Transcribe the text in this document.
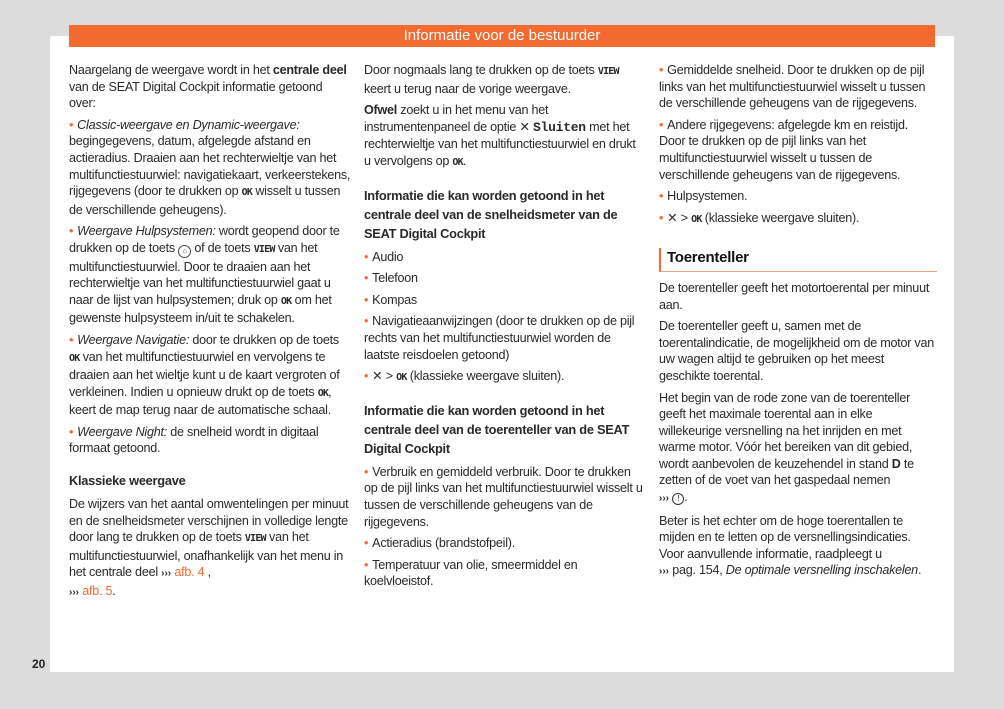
Informatie voor de bestuurder
20

Naargelang de weergave wordt in het centrale deel van de SEAT Digital Cockpit informatie getoond over:

• Classic-weergave en Dynamic-weergave: begingegevens, datum, afgelegde afstand en actieradius. Draaien aan het rechterwieltje van het multifunctiestuurwiel: navigatiekaart, verkeerstekens, rijgegevens (door te drukken op OK wisselt u tussen de verschillende geheugens).

• Weergave Hulpsystemen: wordt geopend door te drukken op de toets ⌂ of de toets VIEW van het multifunctiestuurwiel. Door te draaien aan het rechterwieltje van het multifunctiestuurwiel gaat u naar de lijst van hulpsystemen; druk op OK om het gewenste hulpsysteem in/uit te schakelen.

• Weergave Navigatie: door te drukken op de toets OK van het multifunctiestuurwiel en vervolgens te draaien aan het wieltje kunt u de kaart vergroten of verkleinen. Indien u opnieuw drukt op de toets OK, keert de map terug naar de automatische schaal.

• Weergave Night: de snelheid wordt in digitaal formaat getoond.

Klassieke weergave

De wijzers van het aantal omwentelingen per minuut en de snelheidsmeter verschijnen in volledige lengte door lang te drukken op de toets VIEW van het multifunctiestuurwiel, onafhankelijk van het menu in het centrale deel ››› afb. 4 ,
››› afb. 5.

Door nogmaals lang te drukken op de toets VIEW keert u terug naar de vorige weergave.

Ofwel zoekt u in het menu van het instrumentenpaneel de optie ✕ Sluiten met het rechterwieltje van het multifunctiestuurwiel en drukt u vervolgens op OK.

Informatie die kan worden getoond in het centrale deel van de snelheidsmeter van de SEAT Digital Cockpit

• Audio

• Telefoon

• Kompas

• Navigatieaanwijzingen (door te drukken op de pijl rechts van het multifunctiestuurwiel worden de laatste reisdoelen getoond)

• ✕ > OK (klassieke weergave sluiten).

Informatie die kan worden getoond in het centrale deel van de toerenteller van de SEAT Digital Cockpit

• Verbruik en gemiddeld verbruik. Door te drukken op de pijl links van het multifunctiestuurwiel wisselt u tussen de verschillende geheugens van de rijgegevens.

• Actieradius (brandstofpeil).

• Temperatuur van olie, smeermiddel en koelvloeistof.

• Gemiddelde snelheid. Door te drukken op de pijl links van het multifunctiestuurwiel wisselt u tussen de verschillende geheugens van de rijgegevens.

• Andere rijgegevens: afgelegde km en reistijd. Door te drukken op de pijl links van het multifunctiestuurwiel wisselt u tussen de verschillende geheugens van de rijgegevens.

• Hulpsystemen.

• ✕ > OK (klassieke weergave sluiten).

Toerenteller

De toerenteller geeft het motortoerental per minuut aan.

De toerenteller geeft u, samen met de toerentalindicatie, de mogelijkheid om de motor van uw wagen altijd te gebruiken op het meest geschikte toerental.

Het begin van de rode zone van de toerenteller geeft het maximale toerental aan in elke willekeurige versnelling na het inrijden en met warme motor. Vóór het bereiken van dit gebied, wordt aanbevolen de keuzehendel in stand D te zetten of de voet van het gaspedaal nemen
››› ! .

Beter is het echter om de hoge toerentallen te mijden en te letten op de versnellingsindicaties. Voor aanvullende informatie, raadpleegt u
››› pag. 154, De optimale versnelling inschakelen.
